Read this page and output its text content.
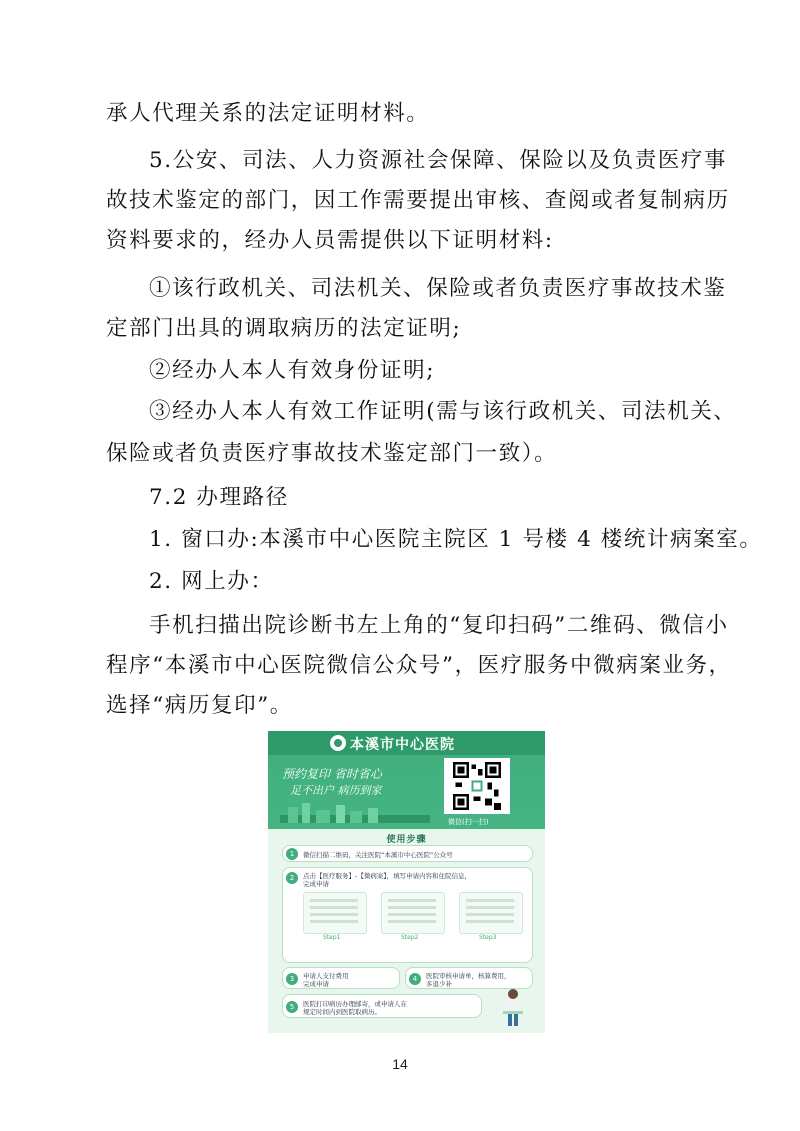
承人代理关系的法定证明材料。
5.公安、司法、人力资源社会保障、保险以及负责医疗事
故技术鉴定的部门，因工作需要提出审核、查阅或者复制病历
资料要求的，经办人员需提供以下证明材料:
①该行政机关、司法机关、保险或者负责医疗事故技术鉴
定部门出具的调取病历的法定证明;
②经办人本人有效身份证明;
③经办人本人有效工作证明(需与该行政机关、司法机关、
保险或者负责医疗事故技术鉴定部门一致）。
7.2 办理路径
1. 窗口办:本溪市中心医院主院区 1 号楼 4 楼统计病案室。
2. 网上办：
手机扫描出院诊断书左上角的“复印扫码”二维码、微信小
程序“本溪市中心医院微信公众号”，医疗服务中微病案业务，
选择“病历复印”。
本溪市中心医院
预约复印 省时省心
足不出户 病历到家
微信(扫一扫)
使用步骤
1	微信扫描二维码，关注医院“本溪市中心医院”公众号
2	点击【医疗服务】-【微病案】，填写申请内容和住院信息，
完成申请
Step1	Step2	Step3
3	申请人支付费用
完成申请
4	医院审核申请单，核算费用，
多退少补
5	医院打印病历办理邮寄，或申请人在
规定时间内到医院取病历。
14
